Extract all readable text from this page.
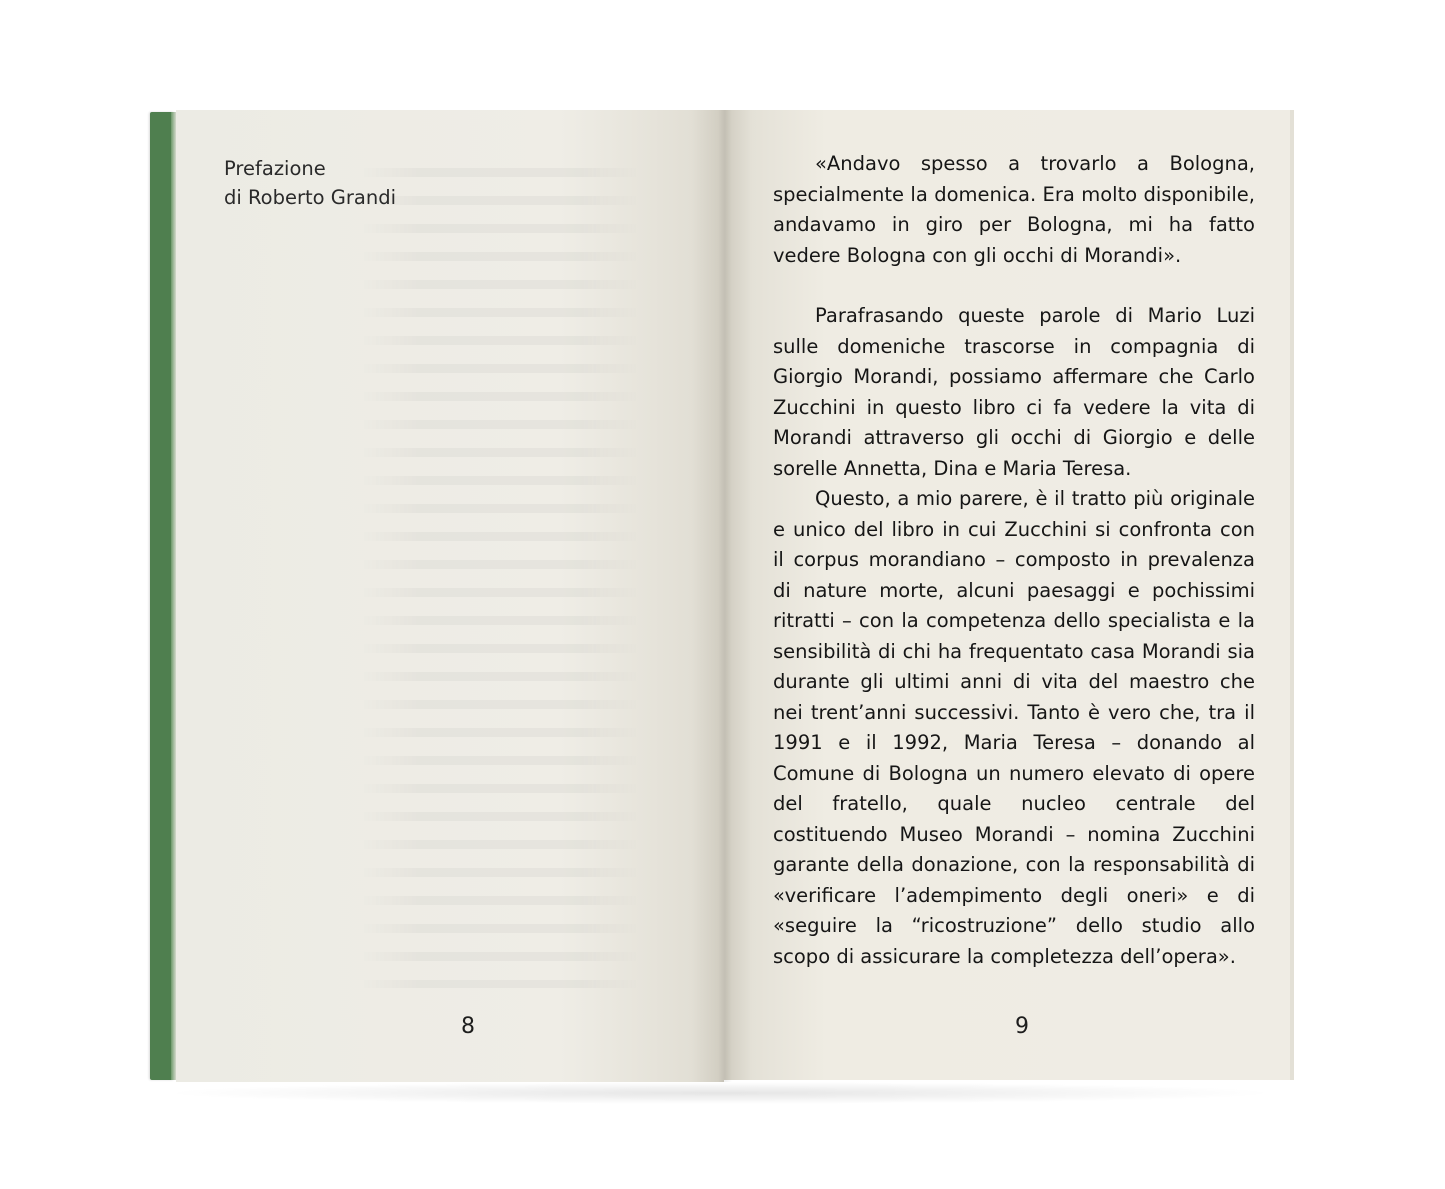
Prefazione
di Roberto Grandi
8

«Andavo spesso a trovarlo a Bologna, specialmente la domenica. Era molto disponibile, andavamo in giro per Bologna, mi ha fatto vedere Bologna con gli occhi di Morandi».

Parafrasando queste parole di Mario Luzi sulle domeniche trascorse in compagnia di Giorgio Morandi, possiamo affermare che Carlo Zucchini in questo libro ci fa vedere la vita di Morandi attraverso gli occhi di Giorgio e delle sorelle Annetta, Dina e Maria Teresa.

Questo, a mio parere, è il tratto più originale e unico del libro in cui Zucchini si confronta con il corpus morandiano – composto in prevalenza di nature morte, alcuni paesaggi e pochissimi ritratti – con la competenza dello specialista e la sensibilità di chi ha frequentato casa Morandi sia durante gli ultimi anni di vita del maestro che nei trent’anni successivi. Tanto è vero che, tra il 1991 e il 1992, Maria Teresa – donando al Comune di Bologna un numero elevato di opere del fratello, quale nucleo centrale del costituendo Museo Morandi – nomina Zucchini garante della donazione, con la responsabilità di «verificare l’adempimento degli oneri» e di «seguire la “ricostruzione” dello studio allo scopo di assicurare la completezza dell’opera».

9
